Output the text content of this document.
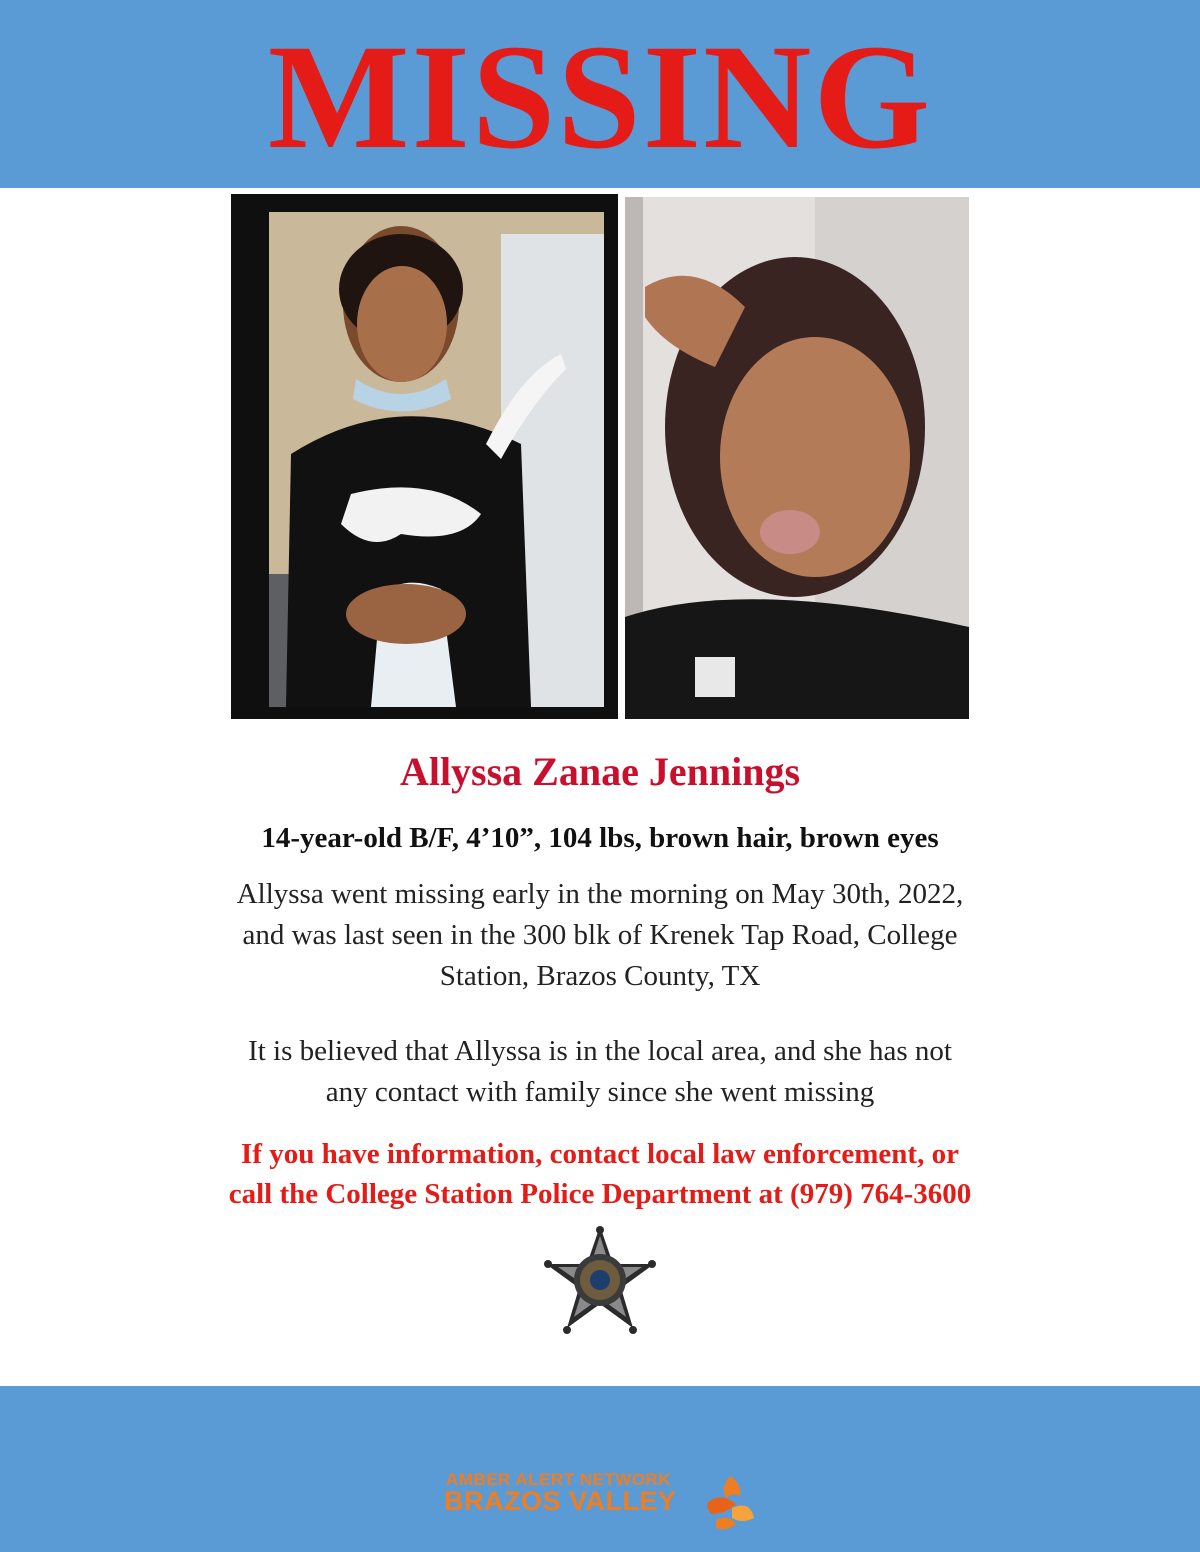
MISSING
Allyssa Zanae Jennings
14-year-old B/F, 4’10”, 104 lbs, brown hair, brown eyes
Allyssa went missing early in the morning on May 30th, 2022,
and was last seen in the 300 blk of Krenek Tap Road, College
Station, Brazos County, TX
It is believed that Allyssa is in the local area, and she has not
any contact with family since she went missing
If you have information, contact local law enforcement, or
call the College Station Police Department at (979) 764-3600
AMBER ALERT NETWORK
BRAZOS VALLEY
